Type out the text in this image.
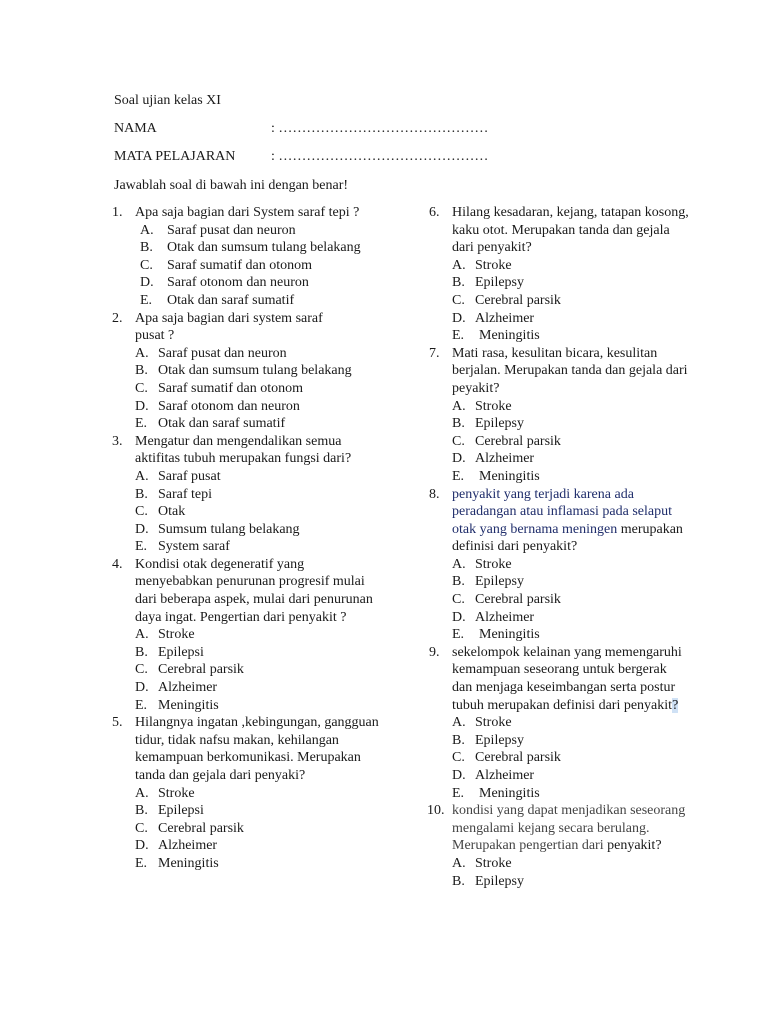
Soal ujian kelas XI
NAMA	: ………………………………………
MATA PELAJARAN	: ………………………………………
Jawablah soal di bawah ini dengan benar!
1. Apa saja bagian dari System saraf tepi ?
A. Saraf pusat dan neuron
B. Otak dan sumsum tulang belakang
C. Saraf sumatif dan otonom
D. Saraf otonom dan neuron
E. Otak dan saraf sumatif
2. Apa saja bagian dari system saraf pusat ?
A. Saraf pusat dan neuron
B. Otak dan sumsum tulang belakang
C. Saraf sumatif dan otonom
D. Saraf otonom dan neuron
E. Otak dan saraf sumatif
3. Mengatur dan mengendalikan semua aktifitas tubuh merupakan fungsi dari?
A. Saraf pusat
B. Saraf tepi
C. Otak
D. Sumsum tulang belakang
E. System saraf
4. Kondisi otak degeneratif yang menyebabkan penurunan progresif mulai dari beberapa aspek, mulai dari penurunan daya ingat. Pengertian dari penyakit ?
A. Stroke
B. Epilepsi
C. Cerebral parsik
D. Alzheimer
E. Meningitis
5. Hilangnya ingatan ,kebingungan, gangguan tidur, tidak nafsu makan, kehilangan kemampuan berkomunikasi. Merupakan tanda dan gejala dari penyaki?
A. Stroke
B. Epilepsi
C. Cerebral parsik
D. Alzheimer
E. Meningitis
6. Hilang kesadaran, kejang, tatapan kosong, kaku otot. Merupakan tanda dan gejala dari penyakit?
A. Stroke
B. Epilepsy
C. Cerebral parsik
D. Alzheimer
E. Meningitis
7. Mati rasa, kesulitan bicara, kesulitan berjalan. Merupakan tanda dan gejala dari peyakit?
A. Stroke
B. Epilepsy
C. Cerebral parsik
D. Alzheimer
E. Meningitis
8. penyakit yang terjadi karena ada peradangan atau inflamasi pada selaput otak yang bernama meningen merupakan definisi dari penyakit?
A. Stroke
B. Epilepsy
C. Cerebral parsik
D. Alzheimer
E. Meningitis
9. sekelompok kelainan yang memengaruhi kemampuan seseorang untuk bergerak dan menjaga keseimbangan serta postur tubuh merupakan definisi dari penyakit?
A. Stroke
B. Epilepsy
C. Cerebral parsik
D. Alzheimer
E. Meningitis
10. kondisi yang dapat menjadikan seseorang mengalami kejang secara berulang. Merupakan pengertian dari penyakit?
A. Stroke
B. Epilepsy
